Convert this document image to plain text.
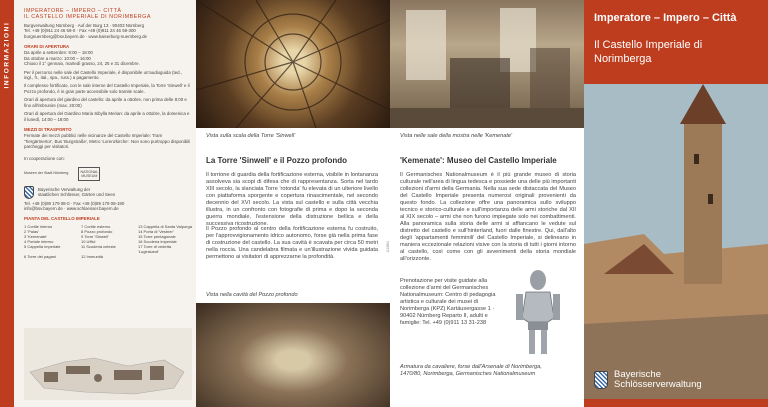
INFORMAZIONI
IMPERATORE – IMPERO – CITTÀ
IL CASTELLO IMPERIALE DI NORIMBERGA

Burgverwaltung Nürnberg · Auf der Burg 13 · 90403 Nürnberg

Tel. +49 (0)911 24 46 59-0 · Fax +49 (0)911 24 46 59-300

burgnuernberg@bsv.bayern.de · www.kaiserburg-nuernberg.de

ORARI DI APERTURA

Da aprile a settembre: 9:00 – 18:00

Da ottobre a marzo: 10:00 – 16:00

Chiuso il 1° gennaio, martedì grasso, 24, 25 e 31 dicembre.

Per il percorso nelle sale del Castello Imperiale, è disponibile un'audioguida (ted., ingl., fr., ital., spa., russ.) a pagamento.

Il complesso fortificato, con le sale interne del Castello Imperiale, la Torre 'Sinwell' e il Pozzo profondo, è in gran parte accessibile solo tramite scale.

Orari di apertura del giardino del castello: da aprile a ottobre, non prima delle 8:00 e fino all'imbrunire (max. 20:00)

Orari di apertura del Giardino Maria Sibylla Merian: da aprile a ottobre, la domenica e il lunedì, 14:00 – 18:00

MEZZI DI TRASPORTO

Fermate dei mezzi pubblici nelle vicinanze del Castello Imperiale: Tram 'Tiergärtnertor', Bus 'Burgstraße', Metro 'Lorenzkirche'. Non sono purtroppo disponibili parcheggi per visitatori.

In cooperazione con:

Museen der Stadt Nürnberg	NATIONAL MUSEUM
Bayerische Verwaltung der
staatlichen Schlösser, Gärten und Seen

Tel. +49 (0)89 179 08-0 · Fax +49 (0)89 179 08-190

info@bsv.bayern.de · www.schloesser.bayern.de

PIANTA DEL CASTELLO IMPERIALE
1 Cortile interno	7 Cortile esterno	13 Cappella di Santa Valpurga
2 'Palas'	8 Pozzo profondo	14 Porta di 'Vestner'
3 'Kemenate'	9 Torre 'Sinwell'	15 Torre pentagonale
4 Portale interno	10 Uffici	16 Scuderia imperiale
5 Cappella imperiale	11 Scuderia celeste	17 Torre di vedetta 'Luginsland'
6 Torre dei pagani	12 Immunità
Vista sulla scala della Torre 'Sinwell'
La Torre 'Sinwell' e il Pozzo profondo
Il torrione di guardia della fortificazione esterna, visibile in lontananza assolveva sia scopi di difesa che di rappresentanza. Sorta nel tardo XIII secolo, la slanciata Torre 'rotonda' fu elevata di un ulteriore livello con piattaforma sporgente e copertura rinascimentale, nel secondo decennio del XVI secolo. La vista sul castello e sulla città vecchia illustra, in un confronto con fotografie di prima e dopo la seconda guerra mondiale, l'estensione della distruzione bellica e della successiva ricostruzione.
Il Pozzo profondo al centro della fortificazione esterna fu costruito, per l'approvvigionamento idrico autonomo, forse già nella prima fase di costruzione del castello. La sua cavità è scavata per circa 50 metri nella roccia. Una candelabra filmata e un'illustrazione vivida guidata permettono ai visitatori di apprezzarne la profondità.
Vista nella cavità del Pozzo profondo
1118B4
Vista nelle sale della mostra nelle 'Kemenate'
'Kemenate': Museo del Castello Imperiale
Il Germanisches Nationalmuseum è il più grande museo di storia culturale nell'area di lingua tedesca e possiede una delle più importanti collezioni d'armi della Germania. Nella sua sede distaccata del Museo del Castello Imperiale presenta numerosi originali provenienti da questo fondo. La collezione offre una panoramica sullo sviluppo tecnico e storico-culturale e sull'importanza delle armi storiche dal XII al XIX secolo – armi che non furono impiegate solo nei combattimenti. Alla panoramica sulla storia delle armi si affiancano le vedute sul distretto del castello e sull'hinterland, fuori dalle finestre. Qui, dall'alto degli 'appartamenti femminili' del Castello Imperiale, si delineano in maniera eccezionale relazioni visive con la storia di tutti i giorni intorno al castello, così come con gli avvenimenti della storia mondiale all'orizzonte.
Prenotazione per visite guidate alla collezione d'armi del Germanisches Nationalmuseum: Centro di pedagogia artistica e culturale dei musei di Norimberga (KPZ) Kartäusergasse 1 · 90402 Nürnberg Reparto II, adulti e famiglie: Tel. +49 (0)911 13 31-238
Armatura da cavaliere, forse dall'Arsenale di Norimberga, 1470/80, Norimberga, Germanisches Nationalmuseum
Imperatore – Impero – Città
Il Castello Imperiale di Norimberga
Bayerische
Schlösserverwaltung
